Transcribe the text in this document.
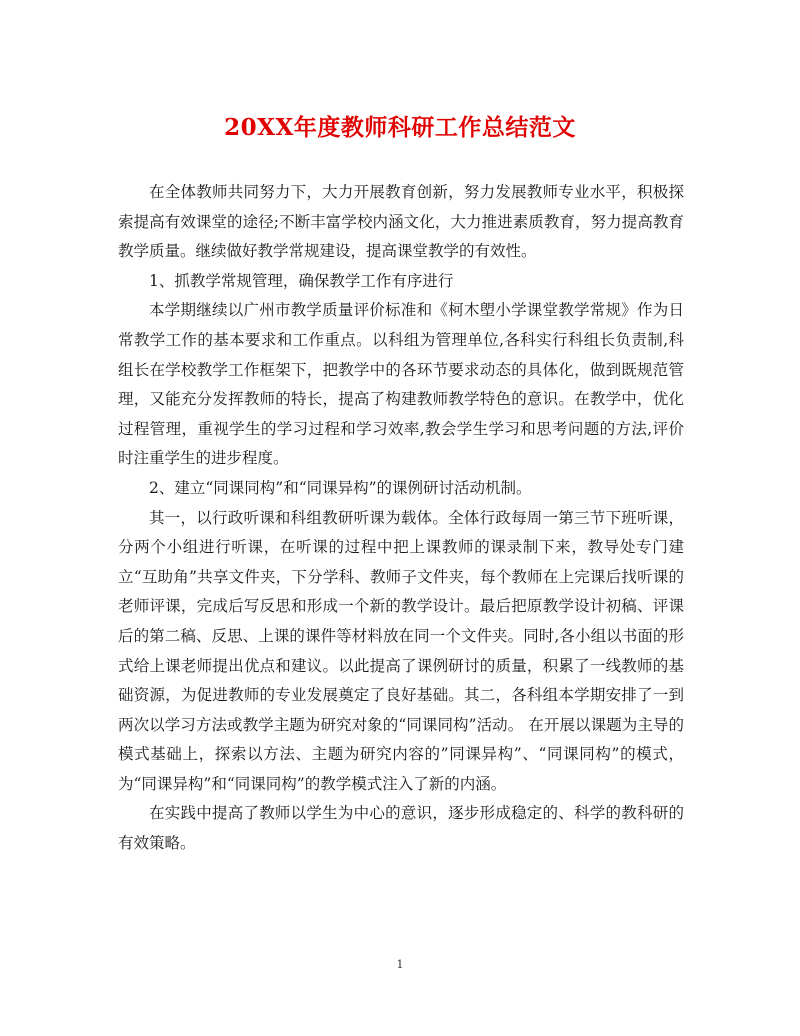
20XX年度教师科研工作总结范文

在全体教师共同努力下，大力开展教育创新，努力发展教师专业水平，积极探索提高有效课堂的途径;不断丰富学校内涵文化，大力推进素质教育，努力提高教育教学质量。继续做好教学常规建设，提高课堂教学的有效性。

1、抓教学常规管理，确保教学工作有序进行

本学期继续以广州市教学质量评价标准和《柯木塱小学课堂教学常规》作为日常教学工作的基本要求和工作重点。以科组为管理单位,各科实行科组长负责制,科组长在学校教学工作框架下，把教学中的各环节要求动态的具体化，做到既规范管理，又能充分发挥教师的特长，提高了构建教师教学特色的意识。在教学中，优化过程管理，重视学生的学习过程和学习效率,教会学生学习和思考问题的方法,评价时注重学生的进步程度。

2、建立“同课同构”和“同课异构”的课例研讨活动机制。

其一，以行政听课和科组教研听课为载体。全体行政每周一第三节下班听课，分两个小组进行听课，在听课的过程中把上课教师的课录制下来，教导处专门建立“互助角”共享文件夹，下分学科、教师子文件夹，每个教师在上完课后找听课的老师评课，完成后写反思和形成一个新的教学设计。最后把原教学设计初稿、评课后的第二稿、反思、上课的课件等材料放在同一个文件夹。同时,各小组以书面的形式给上课老师提出优点和建议。以此提高了课例研讨的质量，积累了一线教师的基础资源，为促进教师的专业发展奠定了良好基础。其二，各科组本学期安排了一到两次以学习方法或教学主题为研究对象的“同课同构”活动。 在开展以课题为主导的模式基础上，探索以方法、主题为研究内容的”同课异构”、“同课同构”的模式，为“同课异构”和“同课同构”的教学模式注入了新的内涵。

在实践中提高了教师以学生为中心的意识，逐步形成稳定的、科学的教科研的有效策略。

1
